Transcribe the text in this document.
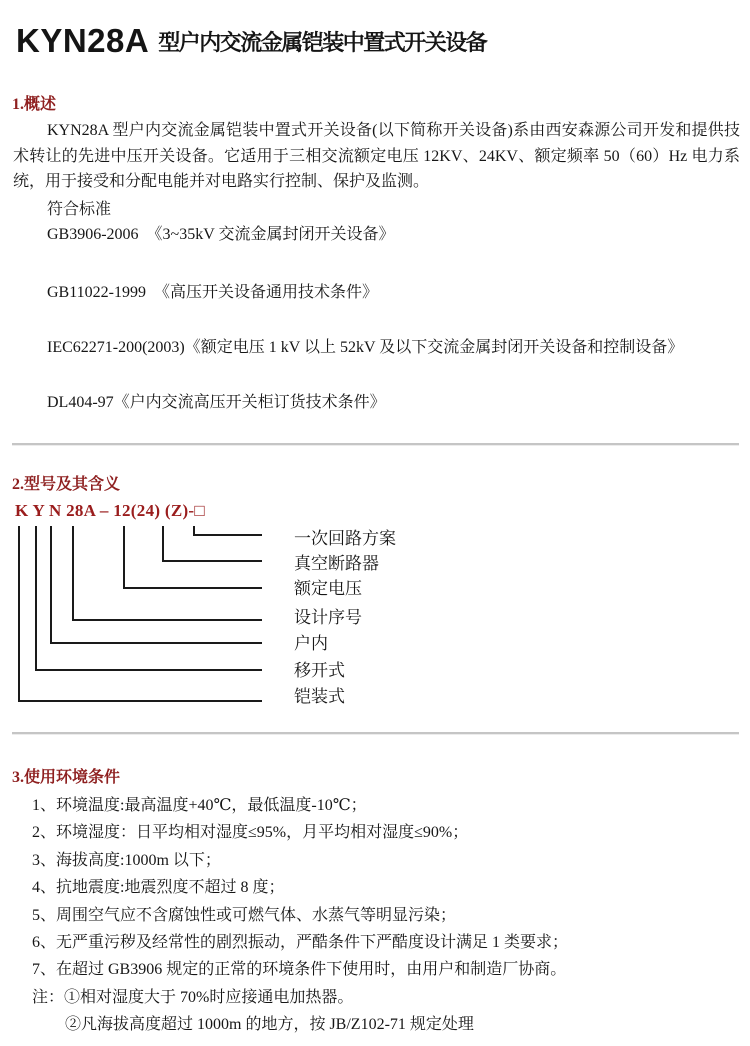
KYN28A 型户内交流金属铠装中置式开关设备
1.概述

KYN28A 型户内交流金属铠装中置式开关设备(以下简称开关设备)系由西安森源公司开发和提供技术转让的先进中压开关设备。它适用于三相交流额定电压 12KV、24KV、额定频率 50（60）Hz 电力系统，用于接受和分配电能并对电路实行控制、保护及监测。

符合标准
GB3906-2006  《3~35kV 交流金属封闭开关设备》
GB11022-1999  《高压开关设备通用技术条件》
IEC62271-200(2003)《额定电压 1 kV 以上 52kV 及以下交流金属封闭开关设备和控制设备》
DL404-97《户内交流高压开关柜订货技术条件》
2.型号及其含义
K Y N 28A – 12(24) (Z)-□
一次回路方案
真空断路器
额定电压
设计序号
户内
移开式
铠装式
3.使用环境条件
1、环境温度:最高温度+40℃，最低温度-10℃；
2、环境湿度：日平均相对湿度≤95%，月平均相对湿度≤90%；
3、海拔高度:1000m 以下；
4、抗地震度:地震烈度不超过 8 度；
5、周围空气应不含腐蚀性或可燃气体、水蒸气等明显污染；
6、无严重污秽及经常性的剧烈振动，严酷条件下严酷度设计满足 1 类要求；
7、在超过 GB3906 规定的正常的环境条件下使用时，由用户和制造厂协商。
注：①相对湿度大于 70%时应接通电加热器。
②凡海拔高度超过 1000m 的地方，按 JB/Z102-71 规定处理
